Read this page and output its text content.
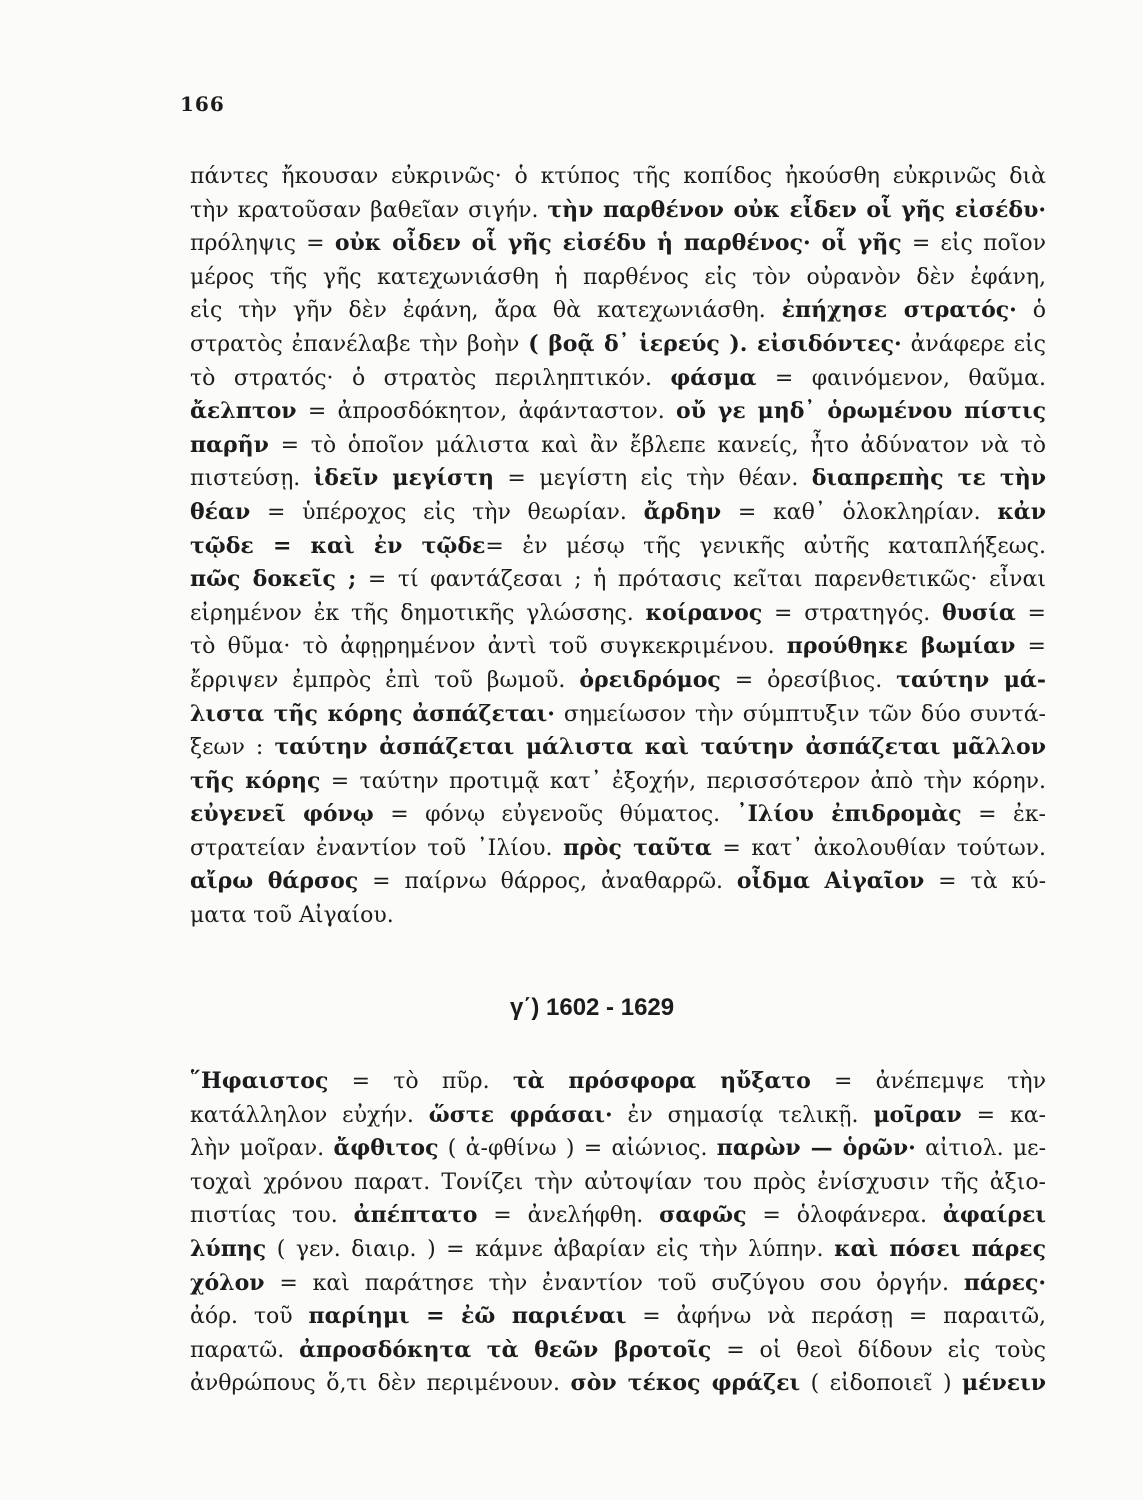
166
πάντες ἤκουσαν εὐκρινῶς· ὁ κτύπος τῆς κοπίδος ἠκούσθη εὐκρινῶς διὰ
τὴν κρατοῦσαν βαθεῖαν σιγήν. τὴν παρθένον οὐκ εἶδεν οἷ γῆς εἰσέδυ·
πρόληψις = οὐκ οἶδεν οἷ γῆς εἰσέδυ ἡ παρθένος· οἷ γῆς = εἰς ποῖον
μέρος τῆς γῆς κατεχωνιάσθη ἡ παρθένος εἰς τὸν οὐρανὸν δὲν ἐφάνη,
εἰς τὴν γῆν δὲν ἐφάνη, ἄρα θὰ κατεχωνιάσθη. ἐπήχησε στρατός· ὁ
στρατὸς ἐπανέλαβε τὴν βοὴν ( βοᾷ δ᾿ ἱερεύς ). εἰσιδόντες· ἀνάφερε εἰς
τὸ στρατός· ὁ στρατὸς περιληπτικόν. φάσμα = φαινόμενον, θαῦμα.
ἄελπτον = ἀπροσδόκητον, ἀφάνταστον. οὔ γε μηδ᾿ ὁρωμένου πίστις
παρῆν = τὸ ὁποῖον μάλιστα καὶ ἂν ἔβλεπε κανείς, ἦτο ἀδύνατον νὰ τὸ
πιστεύσῃ. ἰδεῖν μεγίστη = μεγίστη εἰς τὴν θέαν. διαπρεπὴς τε τὴν
θέαν = ὑπέροχος εἰς τὴν θεωρίαν. ἄρδην = καθ᾿ ὁλοκληρίαν. κἀν
τῷδε = καὶ ἐν τῷδε= ἐν μέσῳ τῆς γενικῆς αὐτῆς καταπλήξεως.
πῶς δοκεῖς ; = τί φαντάζεσαι ; ἡ πρότασις κεῖται παρενθετικῶς· εἶναι
εἰρημένον ἐκ τῆς δημοτικῆς γλώσσης. κοίρανος = στρατηγός. θυσία =
τὸ θῦμα· τὸ ἀφῃρημένον ἀντὶ τοῦ συγκεκριμένου. προύθηκε βωμίαν =
ἔρριψεν ἐμπρὸς ἐπὶ τοῦ βωμοῦ. ὀρειδρόμος = ὀρεσίβιος. ταύτην μά-
λιστα τῆς κόρης ἀσπάζεται· σημείωσον τὴν σύμπτυξιν τῶν δύο συντά-
ξεων : ταύτην ἀσπάζεται μάλιστα καὶ ταύτην ἀσπάζεται μᾶλλον
τῆς κόρης = ταύτην προτιμᾷ κατ᾿ ἐξοχήν, περισσότερον ἀπὸ τὴν κόρην.
εὐγενεῖ φόνῳ = φόνῳ εὐγενοῦς θύματος. ᾿Ιλίου ἐπιδρομὰς = ἐκ-
στρατείαν ἐναντίον τοῦ ᾿Ιλίου. πρὸς ταῦτα = κατ᾿ ἀκολουθίαν τούτων.
αἴρω θάρσος = παίρνω θάρρος, ἀναθαρρῶ. οἶδμα Αἰγαῖον = τὰ κύ-
ματα τοῦ Αἰγαίου.
γ΄) 1602 - 1629
῞Ηφαιστος = τὸ πῦρ. τὰ πρόσφορα ηὔξατο = ἀνέπεμψε τὴν
κατάλληλον εὐχήν. ὥστε φράσαι· ἐν σημασίᾳ τελικῇ. μοῖραν = κα-
λὴν μοῖραν. ἄφθιτος ( ἀ-φθίνω ) = αἰώνιος. παρὼν — ὁρῶν· αἰτιολ. με-
τοχαὶ χρόνου παρατ. Τονίζει τὴν αὐτοψίαν του πρὸς ἐνίσχυσιν τῆς ἀξιο-
πιστίας του. ἀπέπτατο = ἀνελήφθη. σαφῶς = ὁλοφάνερα. ἀφαίρει
λύπης ( γεν. διαιρ. ) = κάμνε ἀβαρίαν εἰς τὴν λύπην. καὶ πόσει πάρες
χόλον = καὶ παράτησε τὴν ἐναντίον τοῦ συζύγου σου ὀργήν. πάρες·
ἀόρ. τοῦ παρίημι = ἐῶ παριέναι = ἀφήνω νὰ περάσῃ = παραιτῶ,
παρατῶ. ἀπροσδόκητα τὰ θεῶν βροτοῖς = οἱ θεοὶ δίδουν εἰς τοὺς
ἀνθρώπους ὅ,τι δὲν περιμένουν. σὸν τέκος φράζει ( εἰδοποιεῖ ) μένειν
